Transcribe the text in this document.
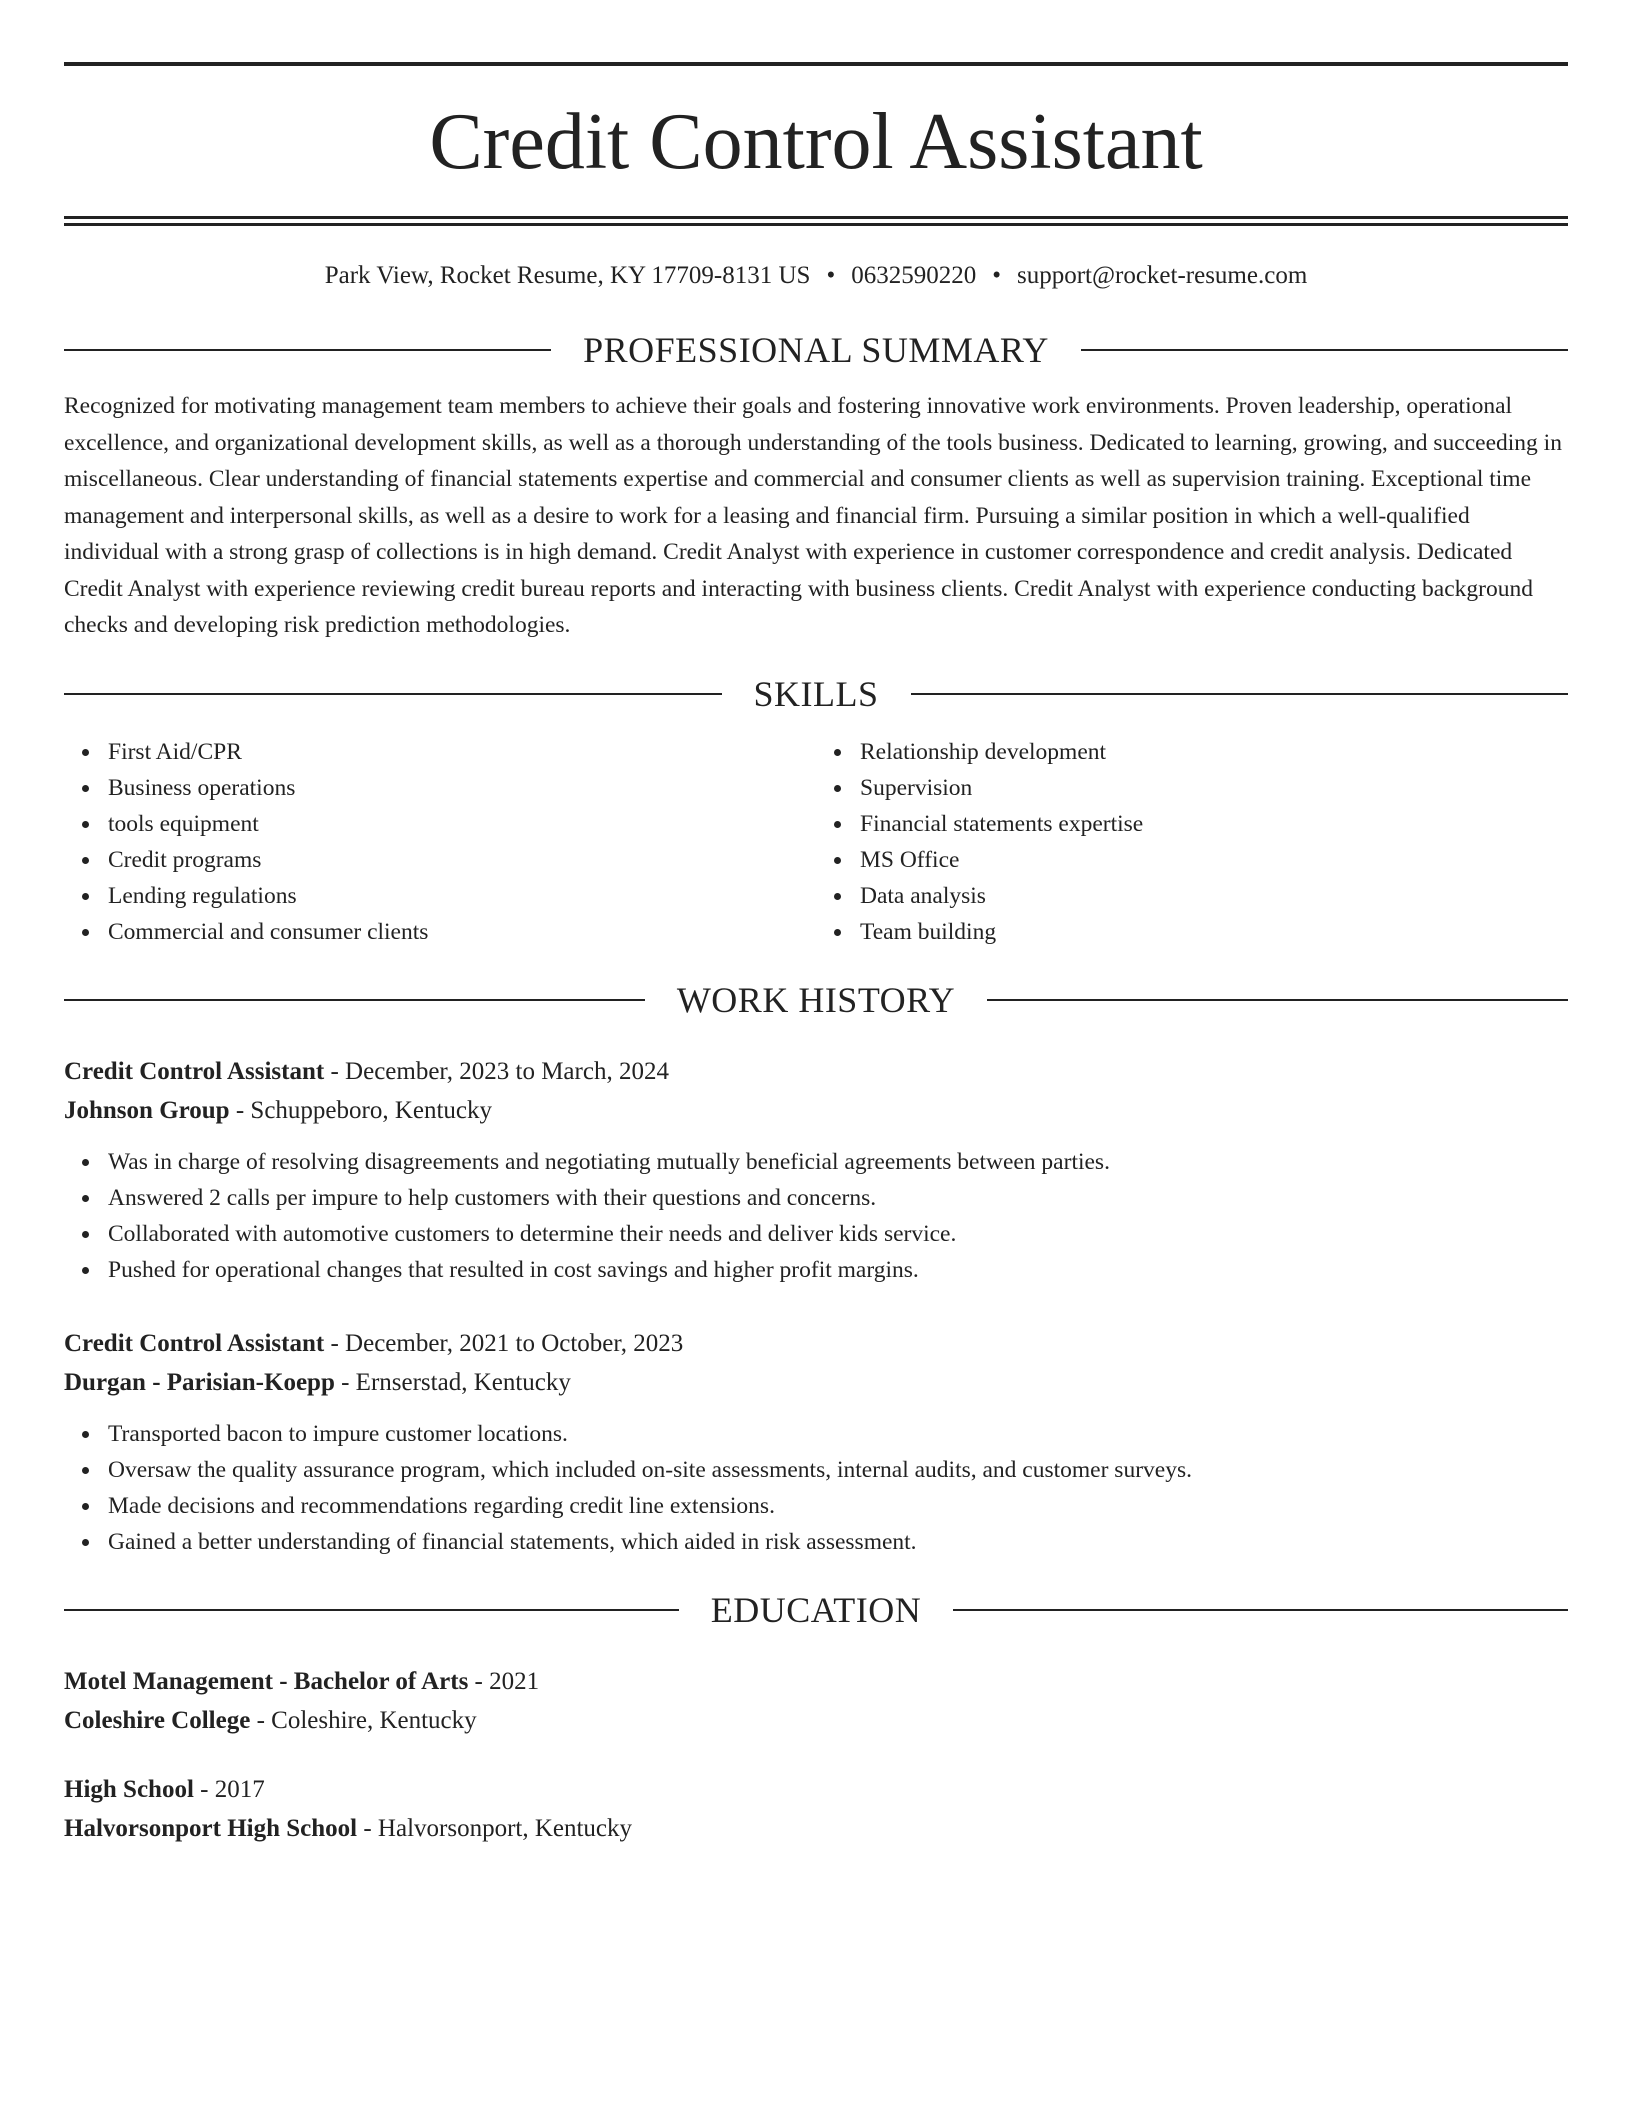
Credit Control Assistant
Park View, Rocket Resume, KY 17709-8131 US • 0632590220 • support@rocket-resume.com
PROFESSIONAL SUMMARY
Recognized for motivating management team members to achieve their goals and fostering innovative work environments. Proven leadership, operational excellence, and organizational development skills, as well as a thorough understanding of the tools business. Dedicated to learning, growing, and succeeding in miscellaneous. Clear understanding of financial statements expertise and commercial and consumer clients as well as supervision training. Exceptional time management and interpersonal skills, as well as a desire to work for a leasing and financial firm. Pursuing a similar position in which a well-qualified individual with a strong grasp of collections is in high demand. Credit Analyst with experience in customer correspondence and credit analysis. Dedicated Credit Analyst with experience reviewing credit bureau reports and interacting with business clients. Credit Analyst with experience conducting background checks and developing risk prediction methodologies.
SKILLS
First Aid/CPR
Business operations
tools equipment
Credit programs
Lending regulations
Commercial and consumer clients
Relationship development
Supervision
Financial statements expertise
MS Office
Data analysis
Team building
WORK HISTORY
Credit Control Assistant - December, 2023 to March, 2024
Johnson Group - Schuppeboro, Kentucky
Was in charge of resolving disagreements and negotiating mutually beneficial agreements between parties.
Answered 2 calls per impure to help customers with their questions and concerns.
Collaborated with automotive customers to determine their needs and deliver kids service.
Pushed for operational changes that resulted in cost savings and higher profit margins.
Credit Control Assistant - December, 2021 to October, 2023
Durgan - Parisian-Koepp - Ernserstad, Kentucky
Transported bacon to impure customer locations.
Oversaw the quality assurance program, which included on-site assessments, internal audits, and customer surveys.
Made decisions and recommendations regarding credit line extensions.
Gained a better understanding of financial statements, which aided in risk assessment.
EDUCATION
Motel Management - Bachelor of Arts - 2021
Coleshire College - Coleshire, Kentucky
High School - 2017
Halvorsonport High School - Halvorsonport, Kentucky
